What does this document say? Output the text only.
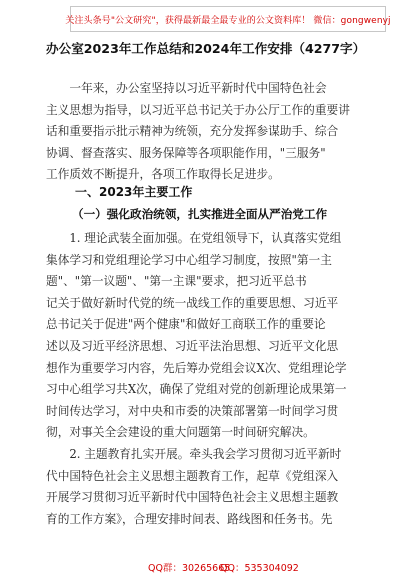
关注头条号"公文研究"，获得最新最全最专业的公文资料库！ 微信：gongwenyj
办公室2023年工作总结和2024年工作安排（4277字）
　　一年来，办公室坚持以习近平新时代中国特色社会
主义思想为指导，以习近平总书记关于办公厅工作的重要讲
话和重要指示批示精神为统领，充分发挥参谋助手、综合
协调、督查落实、服务保障等各项职能作用，"三服务"
工作质效不断提升，各项工作取得长足进步。
一、2023年主要工作
（一）强化政治统领，扎实推进全面从严治党工作
　　1. 理论武装全面加强。在党组领导下，认真落实党组
集体学习和党组理论学习中心组学习制度，按照"第一主
题"、"第一议题"、"第一主课"要求，把习近平总书
记关于做好新时代党的统一战线工作的重要思想、习近平
总书记关于促进"两个健康"和做好工商联工作的重要论
述以及习近平经济思想、习近平法治思想、习近平文化思
想作为重要学习内容，先后筹办党组会议X次、党组理论学
习中心组学习共X次，确保了党组对党的创新理论成果第一
时间传达学习，对中央和市委的决策部署第一时间学习贯
彻，对事关全会建设的重大问题第一时间研究解决。
　　2. 主题教育扎实开展。牵头我会学习贯彻习近平新时
代中国特色社会主义思想主题教育工作，起草《党组深入
开展学习贯彻习近平新时代中国特色社会主义思想主题教
育的工作方案》，合理安排时间表、路线图和任务书。先
QQ群：30265665
QQ：535304092
